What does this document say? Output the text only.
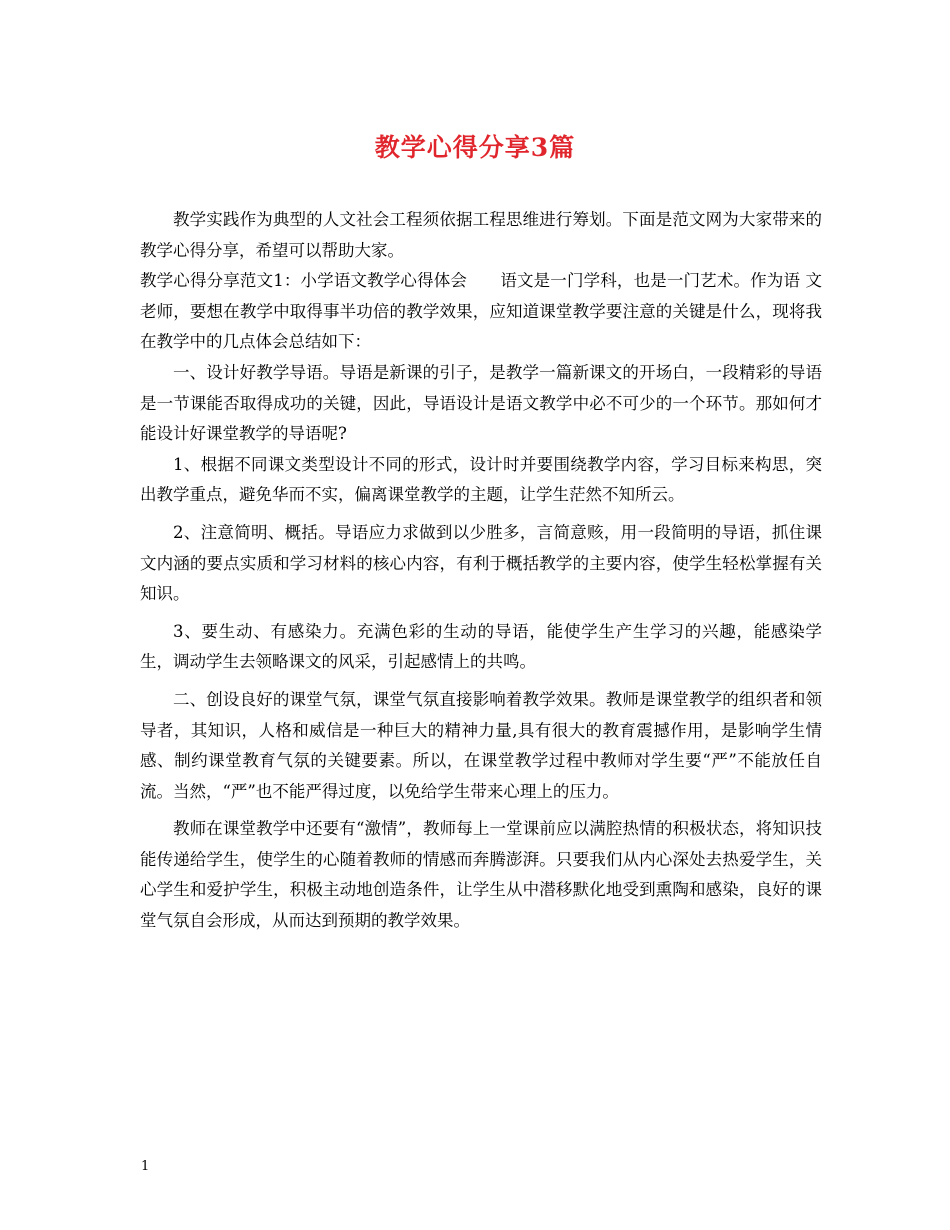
教学心得分享3篇

教学实践作为典型的人文社会工程须依据工程思维进行筹划。下面是范文网为大家带来的教学心得分享，希望可以帮助大家。

教学心得分享范文1：小学语文教学心得体会　　语文是一门学科，也是一门艺术。作为语 文老师，要想在教学中取得事半功倍的教学效果，应知道课堂教学要注意的关键是什么，现将我在教学中的几点体会总结如下：

一、设计好教学导语。导语是新课的引子，是教学一篇新课文的开场白，一段精彩的导语是一节课能否取得成功的关键，因此，导语设计是语文教学中必不可少的一个环节。那如何才能设计好课堂教学的导语呢?

1、根据不同课文类型设计不同的形式，设计时并要围绕教学内容，学习目标来构思，突出教学重点，避免华而不实，偏离课堂教学的主题，让学生茫然不知所云。

2、注意简明、概括。导语应力求做到以少胜多，言简意赅，用一段简明的导语，抓住课文内涵的要点实质和学习材料的核心内容，有利于概括教学的主要内容，使学生轻松掌握有关知识。

3、要生动、有感染力。充满色彩的生动的导语，能使学生产生学习的兴趣，能感染学生，调动学生去领略课文的风采，引起感情上的共鸣。

二、创设良好的课堂气氛，课堂气氛直接影响着教学效果。教师是课堂教学的组织者和领导者，其知识，人格和威信是一种巨大的精神力量,具有很大的教育震撼作用，是影响学生情感、制约课堂教育气氛的关键要素。所以，在课堂教学过程中教师对学生要“严”不能放任自流。当然，“严”也不能严得过度，以免给学生带来心理上的压力。

教师在课堂教学中还要有“激情”，教师每上一堂课前应以满腔热情的积极状态，将知识技能传递给学生，使学生的心随着教师的情感而奔腾澎湃。只要我们从内心深处去热爱学生，关心学生和爱护学生，积极主动地创造条件，让学生从中潜移默化地受到熏陶和感染，良好的课堂气氛自会形成，从而达到预期的教学效果。

1
